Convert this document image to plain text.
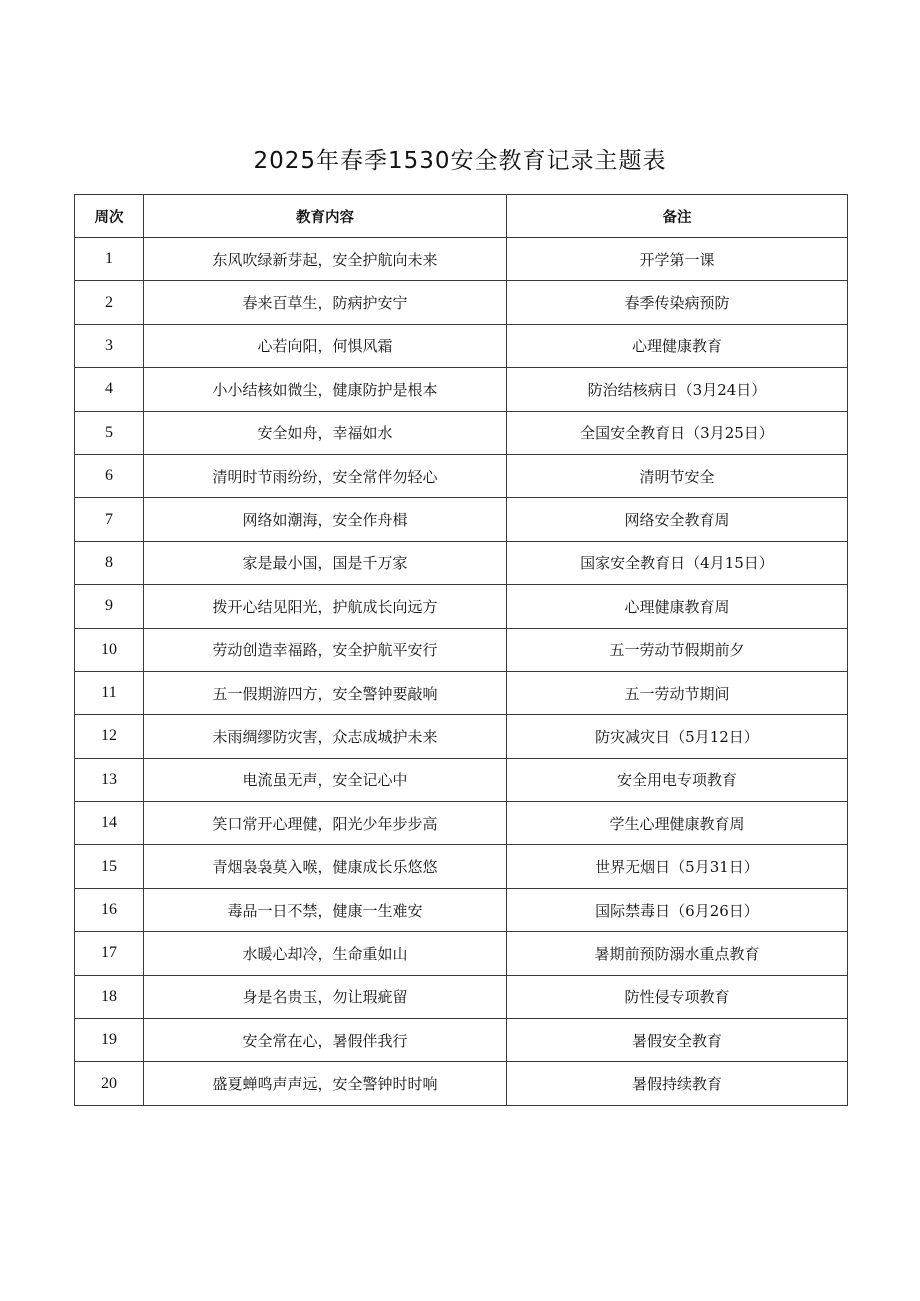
2025年春季1530安全教育记录主题表
周次	教育内容	备注
1	东风吹绿新芽起，安全护航向未来	开学第一课
2	春来百草生，防病护安宁	春季传染病预防
3	心若向阳，何惧风霜	心理健康教育
4	小小结核如微尘，健康防护是根本	防治结核病日（3月24日）
5	安全如舟，幸福如水	全国安全教育日（3月25日）
6	清明时节雨纷纷，安全常伴勿轻心	清明节安全
7	网络如潮海，安全作舟楫	网络安全教育周
8	家是最小国，国是千万家	国家安全教育日（4月15日）
9	拨开心结见阳光，护航成长向远方	心理健康教育周
10	劳动创造幸福路，安全护航平安行	五一劳动节假期前夕
11	五一假期游四方，安全警钟要敲响	五一劳动节期间
12	未雨绸缪防灾害，众志成城护未来	防灾减灾日（5月12日）
13	电流虽无声，安全记心中	安全用电专项教育
14	笑口常开心理健，阳光少年步步高	学生心理健康教育周
15	青烟袅袅莫入喉，健康成长乐悠悠	世界无烟日（5月31日）
16	毒品一日不禁，健康一生难安	国际禁毒日（6月26日）
17	水暖心却冷，生命重如山	暑期前预防溺水重点教育
18	身是名贵玉，勿让瑕疵留	防性侵专项教育
19	安全常在心，暑假伴我行	暑假安全教育
20	盛夏蝉鸣声声远，安全警钟时时响	暑假持续教育
